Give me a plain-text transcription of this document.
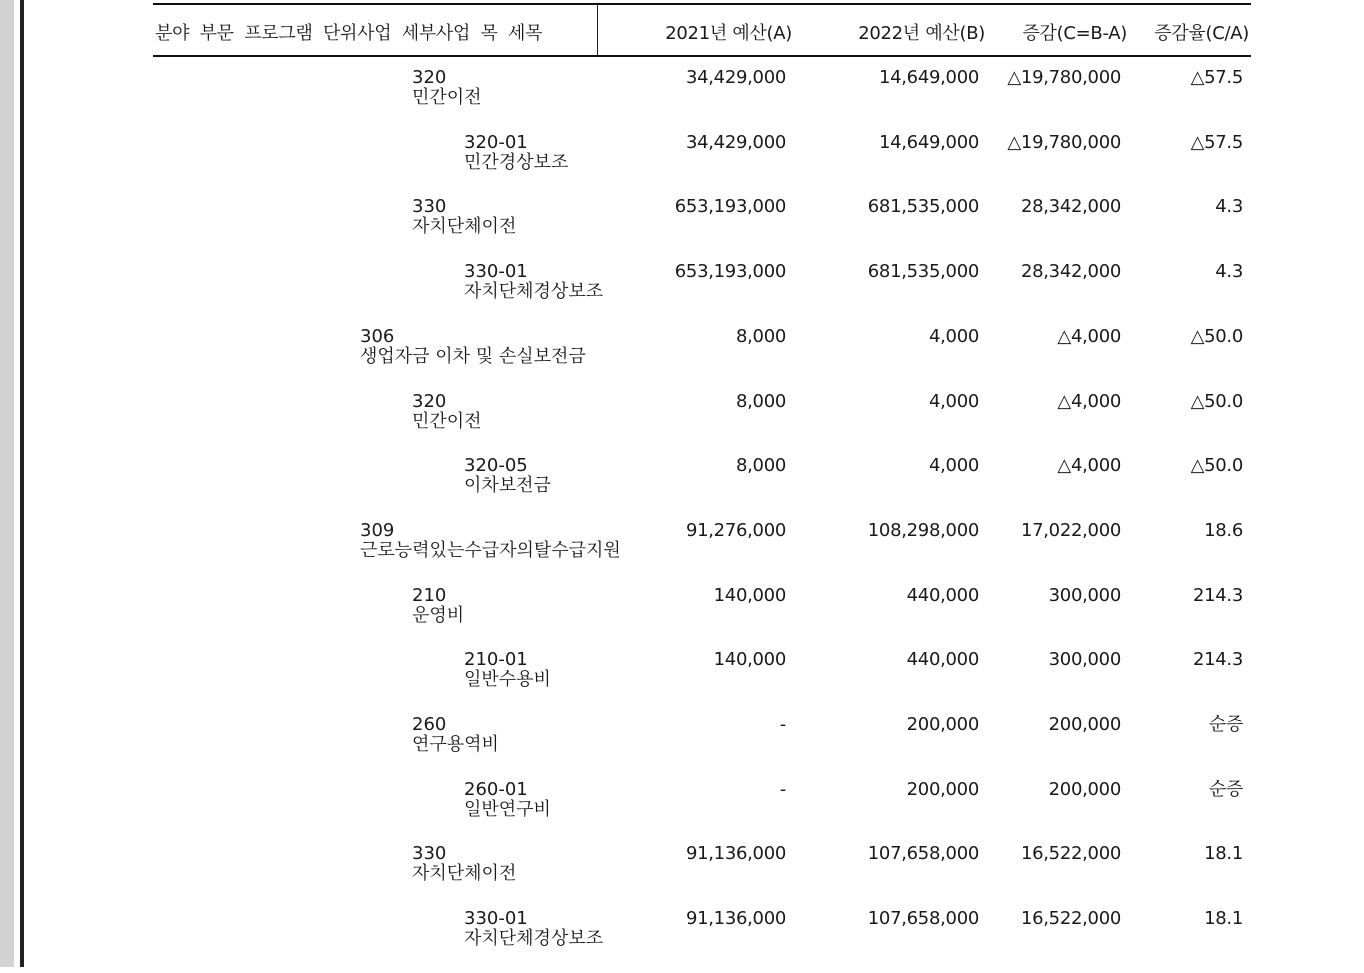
분야 부문 프로그램 단위사업 세부사업 목 세목	2021년 예산(A)	2022년 예산(B) 증감(C=B-A) 증감율(C/A)
320
민간이전
34,429,000	14,649,000 △19,780,000	△57.5
320-01
민간경상보조
34,429,000	14,649,000 △19,780,000	△57.5
330
자치단체이전
653,193,000	681,535,000 28,342,000	4.3
330-01
자치단체경상보조
653,193,000	681,535,000 28,342,000	4.3
306
생업자금 이차 및 손실보전금
8,000	4,000	△4,000	△50.0
320
민간이전
8,000	4,000	△4,000	△50.0
320-05
이차보전금
8,000	4,000	△4,000	△50.0
309
근로능력있는수급자의탈수급지원
91,276,000	108,298,000 17,022,000	18.6
210
운영비
140,000	440,000	300,000	214.3
210-01
일반수용비
140,000	440,000	300,000	214.3
260
연구용역비
-	200,000	200,000	순증
260-01
일반연구비
-	200,000	200,000	순증
330
자치단체이전
91,136,000	107,658,000 16,522,000	18.1
330-01
자치단체경상보조
91,136,000	107,658,000 16,522,000	18.1
